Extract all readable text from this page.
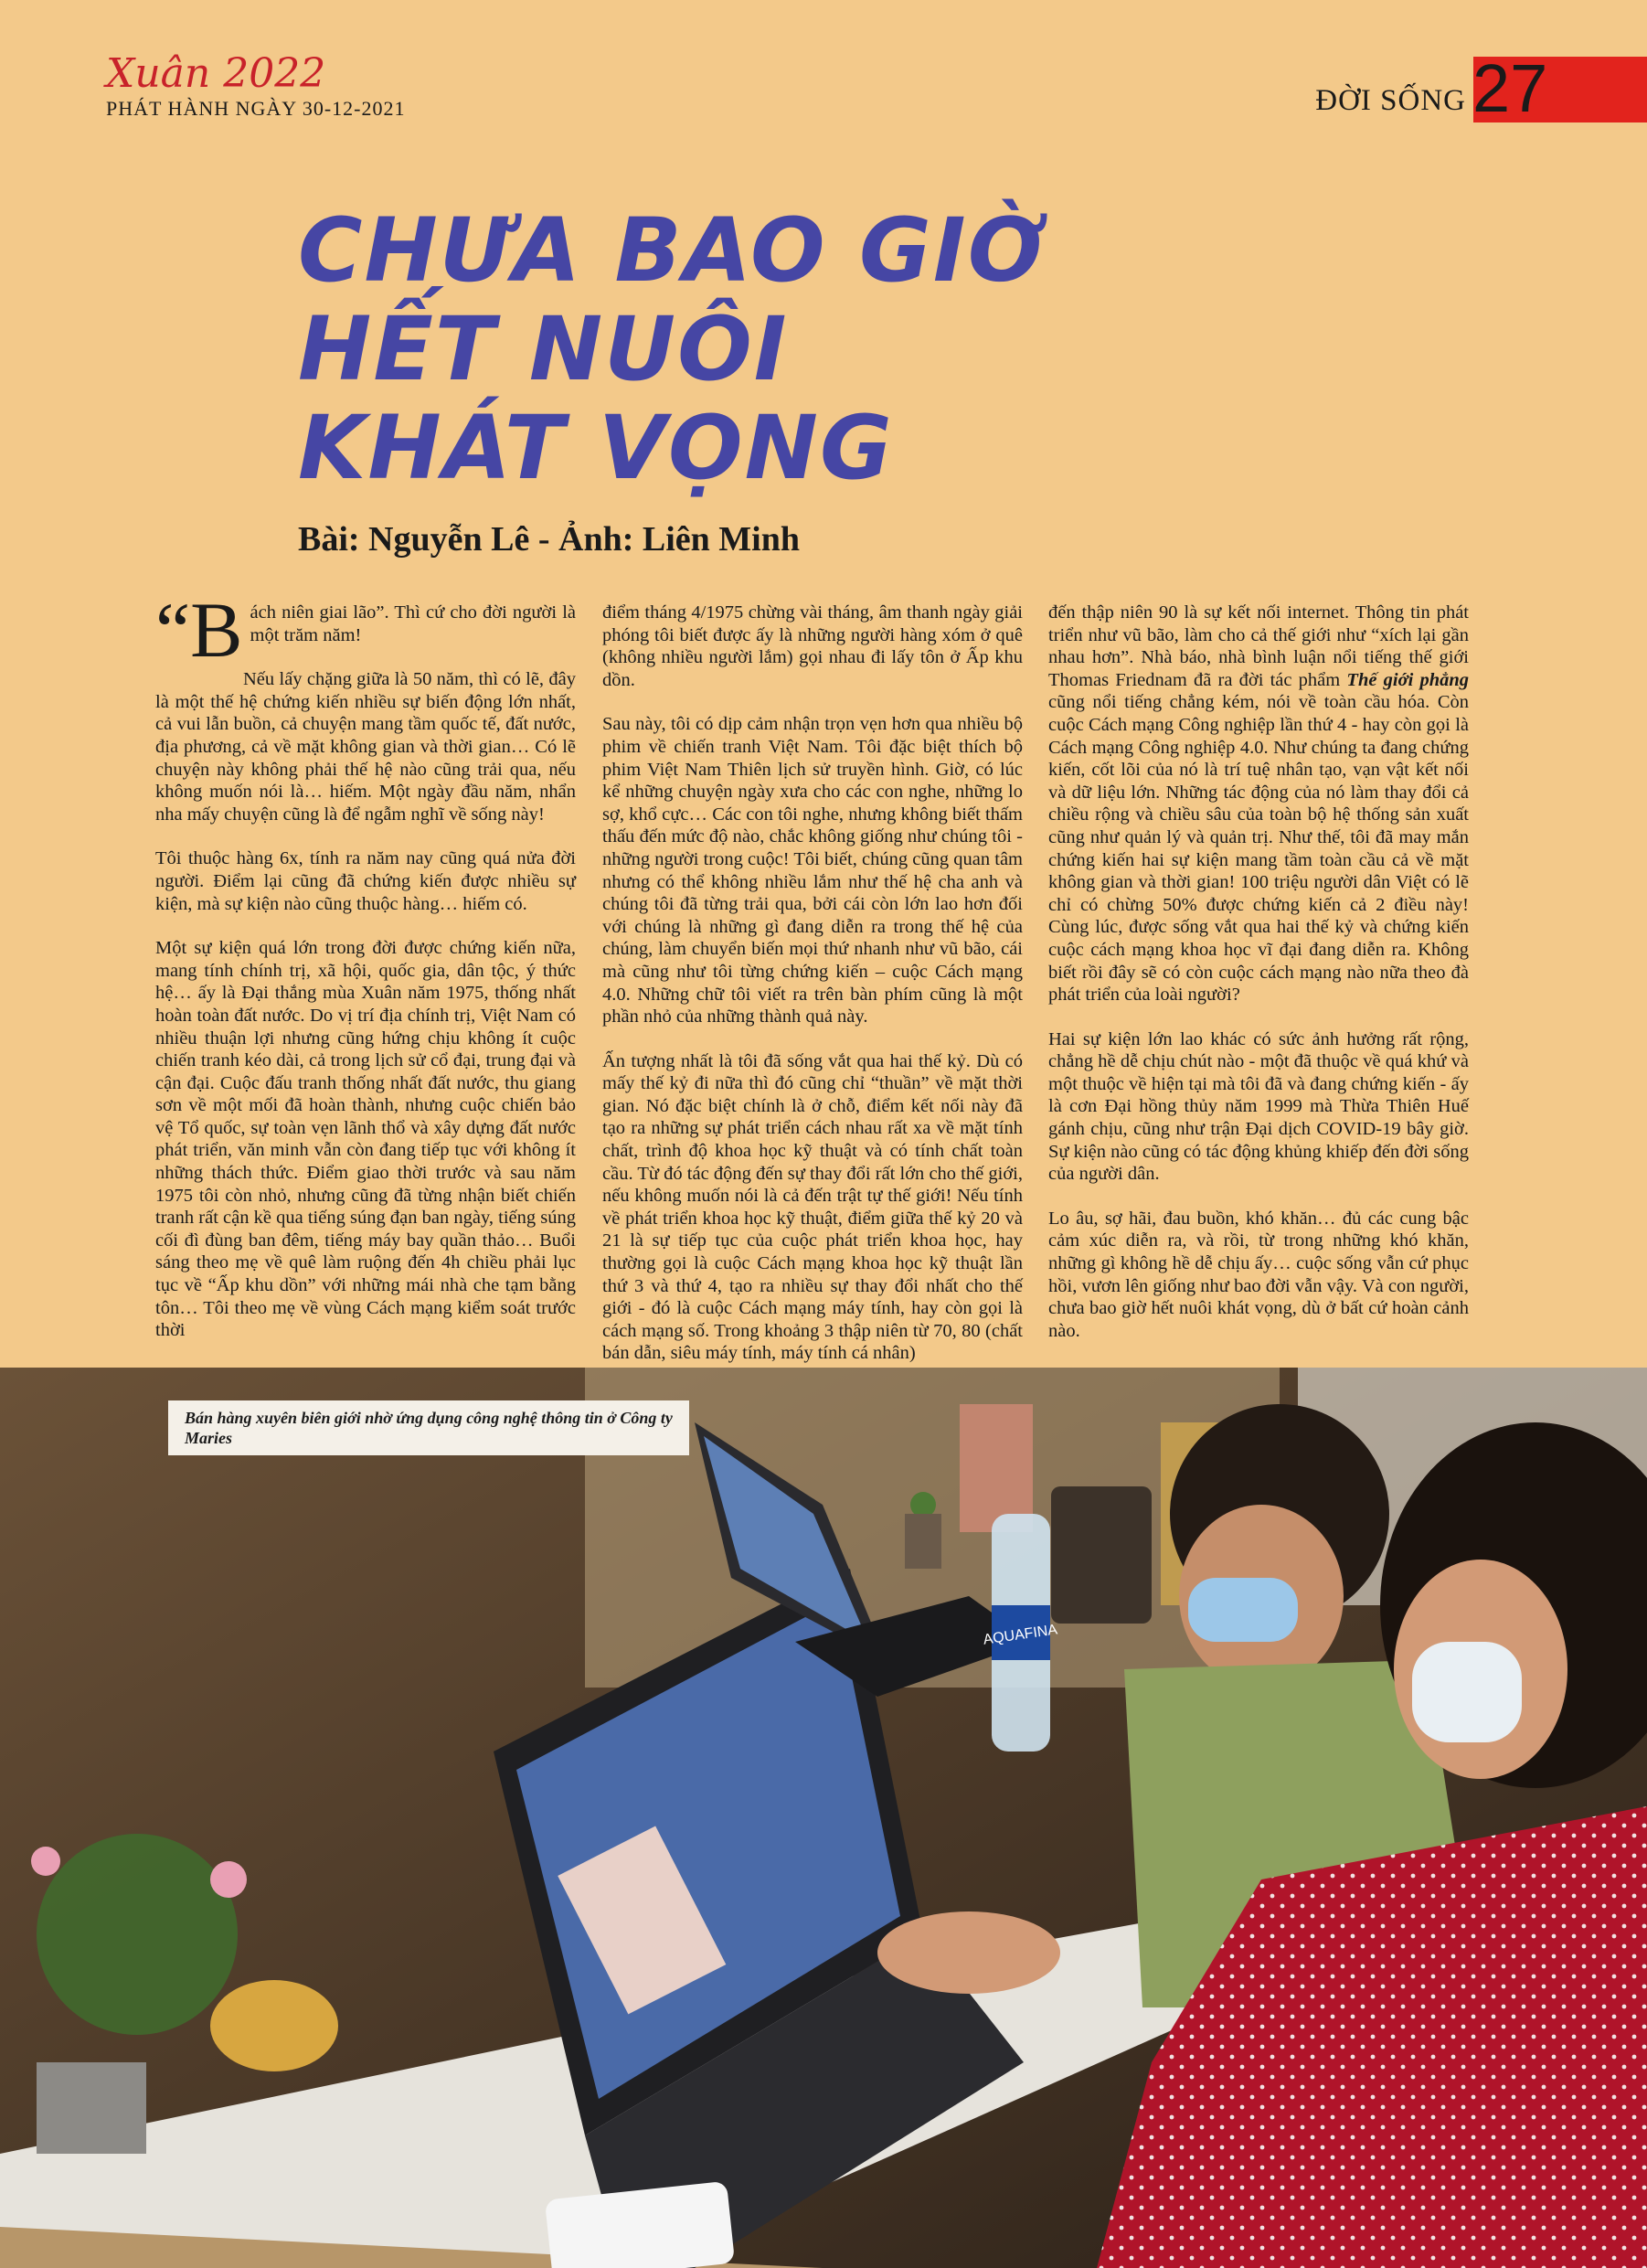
Xuân 2022
PHÁT HÀNH NGÀY 30-12-2021	ĐỜI SỐNG 27
CHƯA BAO GIỜ
HẾT NUÔI
KHÁT VỌNG
Bài: Nguyễn Lê - Ảnh: Liên Minh

“Bách niên giai lão”. Thì cứ cho đời người là một trăm năm!

Nếu lấy chặng giữa là 50 năm, thì có lẽ, đây là một thế hệ chứng kiến nhiều sự biến động lớn nhất, cả vui lẫn buồn, cả chuyện mang tầm quốc tế, đất nước, địa phương, cả về mặt không gian và thời gian… Có lẽ chuyện này không phải thế hệ nào cũng trải qua, nếu không muốn nói là… hiếm. Một ngày đầu năm, nhẩn nha mấy chuyện cũng là để ngẫm nghĩ về sống này!

Tôi thuộc hàng 6x, tính ra năm nay cũng quá nửa đời người. Điểm lại cũng đã chứng kiến được nhiều sự kiện, mà sự kiện nào cũng thuộc hàng… hiếm có.

Một sự kiện quá lớn trong đời được chứng kiến nữa, mang tính chính trị, xã hội, quốc gia, dân tộc, ý thức hệ… ấy là Đại thắng mùa Xuân năm 1975, thống nhất hoàn toàn đất nước. Do vị trí địa chính trị, Việt Nam có nhiều thuận lợi nhưng cũng hứng chịu không ít cuộc chiến tranh kéo dài, cả trong lịch sử cổ đại, trung đại và cận đại. Cuộc đấu tranh thống nhất đất nước, thu giang sơn về một mối đã hoàn thành, nhưng cuộc chiến bảo vệ Tổ quốc, sự toàn vẹn lãnh thổ và xây dựng đất nước phát triển, văn minh vẫn còn đang tiếp tục với không ít những thách thức. Điểm giao thời trước và sau năm 1975 tôi còn nhỏ, nhưng cũng đã từng nhận biết chiến tranh rất cận kề qua tiếng súng đạn ban ngày, tiếng súng cối đì đùng ban đêm, tiếng máy bay quần thảo… Buổi sáng theo mẹ về quê làm ruộng đến 4h chiều phải lục tục về “Ấp khu dồn” với những mái nhà che tạm bằng tôn… Tôi theo mẹ về vùng Cách mạng kiểm soát trước thời

điểm tháng 4/1975 chừng vài tháng, âm thanh ngày giải phóng tôi biết được ấy là những người hàng xóm ở quê (không nhiều người lắm) gọi nhau đi lấy tôn ở Ấp khu dồn.

Sau này, tôi có dịp cảm nhận trọn vẹn hơn qua nhiều bộ phim về chiến tranh Việt Nam. Tôi đặc biệt thích bộ phim Việt Nam Thiên lịch sử truyền hình. Giờ, có lúc kể những chuyện ngày xưa cho các con nghe, những lo sợ, khổ cực… Các con tôi nghe, nhưng không biết thấm thấu đến mức độ nào, chắc không giống như chúng tôi - những người trong cuộc! Tôi biết, chúng cũng quan tâm nhưng có thể không nhiều lắm như thế hệ cha anh và chúng tôi đã từng trải qua, bởi cái còn lớn lao hơn đối với chúng là những gì đang diễn ra trong thế hệ của chúng, làm chuyển biến mọi thứ nhanh như vũ bão, cái mà cũng như tôi từng chứng kiến – cuộc Cách mạng 4.0. Những chữ tôi viết ra trên bàn phím cũng là một phần nhỏ của những thành quả này.

Ấn tượng nhất là tôi đã sống vắt qua hai thế kỷ. Dù có mấy thế kỷ đi nữa thì đó cũng chỉ “thuần” về mặt thời gian. Nó đặc biệt chính là ở chỗ, điểm kết nối này đã tạo ra những sự phát triển cách nhau rất xa về mặt tính chất, trình độ khoa học kỹ thuật và có tính chất toàn cầu. Từ đó tác động đến sự thay đổi rất lớn cho thế giới, nếu không muốn nói là cả đến trật tự thế giới! Nếu tính về phát triển khoa học kỹ thuật, điểm giữa thế kỷ 20 và 21 là sự tiếp tục của cuộc phát triển khoa học, hay thường gọi là cuộc Cách mạng khoa học kỹ thuật lần thứ 3 và thứ 4, tạo ra nhiều sự thay đổi nhất cho thế giới - đó là cuộc Cách mạng máy tính, hay còn gọi là cách mạng số. Trong khoảng 3 thập niên từ 70, 80 (chất bán dẫn, siêu máy tính, máy tính cá nhân)

đến thập niên 90 là sự kết nối internet. Thông tin phát triển như vũ bão, làm cho cả thế giới như “xích lại gần nhau hơn”. Nhà báo, nhà bình luận nổi tiếng thế giới Thomas Friednam đã ra đời tác phẩm Thế giới phẳng cũng nổi tiếng chẳng kém, nói về toàn cầu hóa. Còn cuộc Cách mạng Công nghiệp lần thứ 4 - hay còn gọi là Cách mạng Công nghiệp 4.0. Như chúng ta đang chứng kiến, cốt lõi của nó là trí tuệ nhân tạo, vạn vật kết nối và dữ liệu lớn. Những tác động của nó làm thay đổi cả chiều rộng và chiều sâu của toàn bộ hệ thống sản xuất cũng như quản lý và quản trị. Như thế, tôi đã may mắn chứng kiến hai sự kiện mang tầm toàn cầu cả về mặt không gian và thời gian! 100 triệu người dân Việt có lẽ chỉ có chừng 50% được chứng kiến cả 2 điều này! Cùng lúc, được sống vắt qua hai thế kỷ và chứng kiến cuộc cách mạng khoa học vĩ đại đang diễn ra. Không biết rồi đây sẽ có còn cuộc cách mạng nào nữa theo đà phát triển của loài người?

Hai sự kiện lớn lao khác có sức ảnh hưởng rất rộng, chẳng hề dễ chịu chút nào - một đã thuộc về quá khứ và một thuộc về hiện tại mà tôi đã và đang chứng kiến - ấy là cơn Đại hồng thủy năm 1999 mà Thừa Thiên Huế gánh chịu, cũng như trận Đại dịch COVID-19 bây giờ. Sự kiện nào cũng có tác động khủng khiếp đến đời sống của người dân.

Lo âu, sợ hãi, đau buồn, khó khăn… đủ các cung bậc cảm xúc diễn ra, và rồi, từ trong những khó khăn, những gì không hề dễ chịu ấy… cuộc sống vẫn cứ phục hồi, vươn lên giống như bao đời vẫn vậy. Và con người, chưa bao giờ hết nuôi khát vọng, dù ở bất cứ hoàn cảnh nào.

AQUAFINA
Bán hàng xuyên biên giới nhờ ứng dụng công nghệ thông tin ở Công ty Maries
